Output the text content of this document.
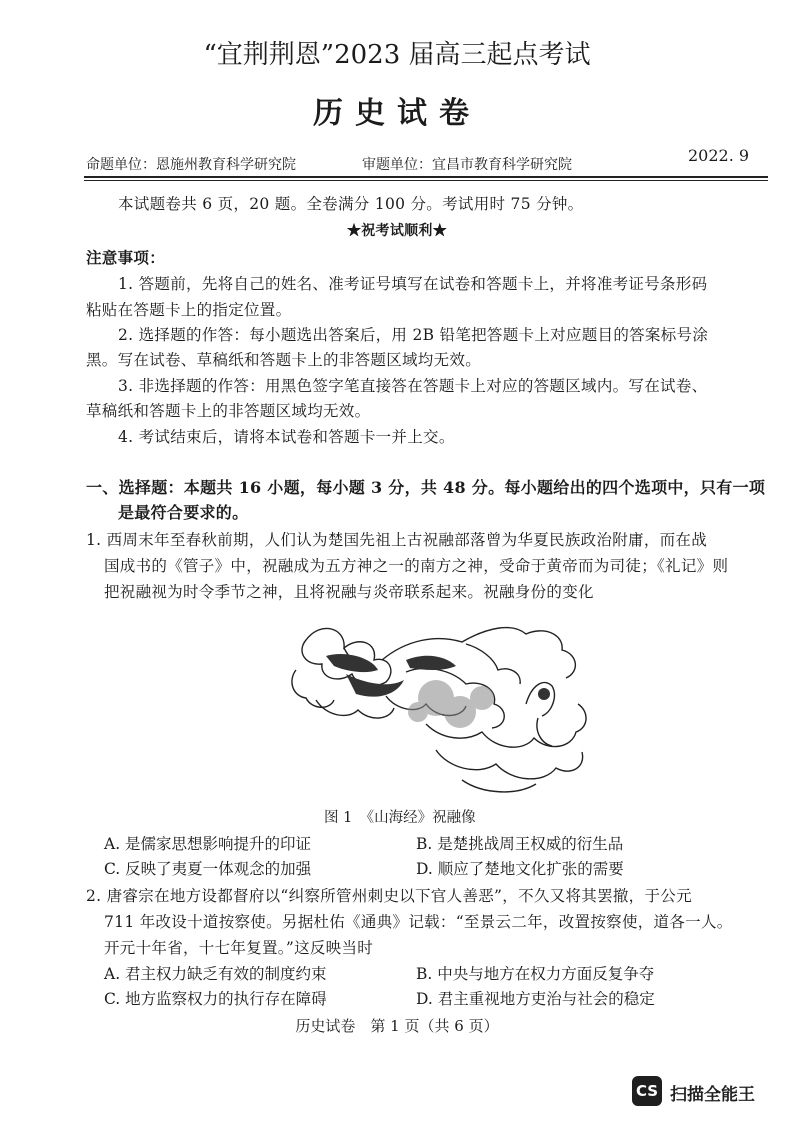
“宜荆荆恩”2023 届高三起点考试
历史试卷
命题单位：恩施州教育科学研究院	审题单位：宜昌市教育科学研究院	2022. 9
本试题卷共 6 页，20 题。全卷满分 100 分。考试用时 75 分钟。
★祝考试顺利★
注意事项：
1. 答题前，先将自己的姓名、准考证号填写在试卷和答题卡上，并将准考证号条形码
粘贴在答题卡上的指定位置。
2. 选择题的作答：每小题选出答案后，用 2B 铅笔把答题卡上对应题目的答案标号涂
黑。写在试卷、草稿纸和答题卡上的非答题区域均无效。
3. 非选择题的作答：用黑色签字笔直接答在答题卡上对应的答题区域内。写在试卷、
草稿纸和答题卡上的非答题区域均无效。
4. 考试结束后，请将本试卷和答题卡一并上交。
一、选择题：本题共 16 小题，每小题 3 分，共 48 分。每小题给出的四个选项中，只有一项
是最符合要求的。
1. 西周末年至春秋前期，人们认为楚国先祖上古祝融部落曾为华夏民族政治附庸，而在战
国成书的《管子》中，祝融成为五方神之一的南方之神，受命于黄帝而为司徒；《礼记》则
把祝融视为时令季节之神，且将祝融与炎帝联系起来。祝融身份的变化
图 1　《山海经》祝融像
A. 是儒家思想影响提升的印证	B. 是楚挑战周王权威的衍生品
C. 反映了夷夏一体观念的加强	D. 顺应了楚地文化扩张的需要
2. 唐睿宗在地方设都督府以“纠察所管州刺史以下官人善恶”，不久又将其罢撤，于公元
711 年改设十道按察使。另据杜佑《通典》记载：“至景云二年，改置按察使，道各一人。
开元十年省，十七年复置。”这反映当时
A. 君主权力缺乏有效的制度约束	B. 中央与地方在权力方面反复争夺
C. 地方监察权力的执行存在障碍	D. 君主重视地方吏治与社会的稳定
历史试卷　第 1 页（共 6 页）
CS 扫描全能王
